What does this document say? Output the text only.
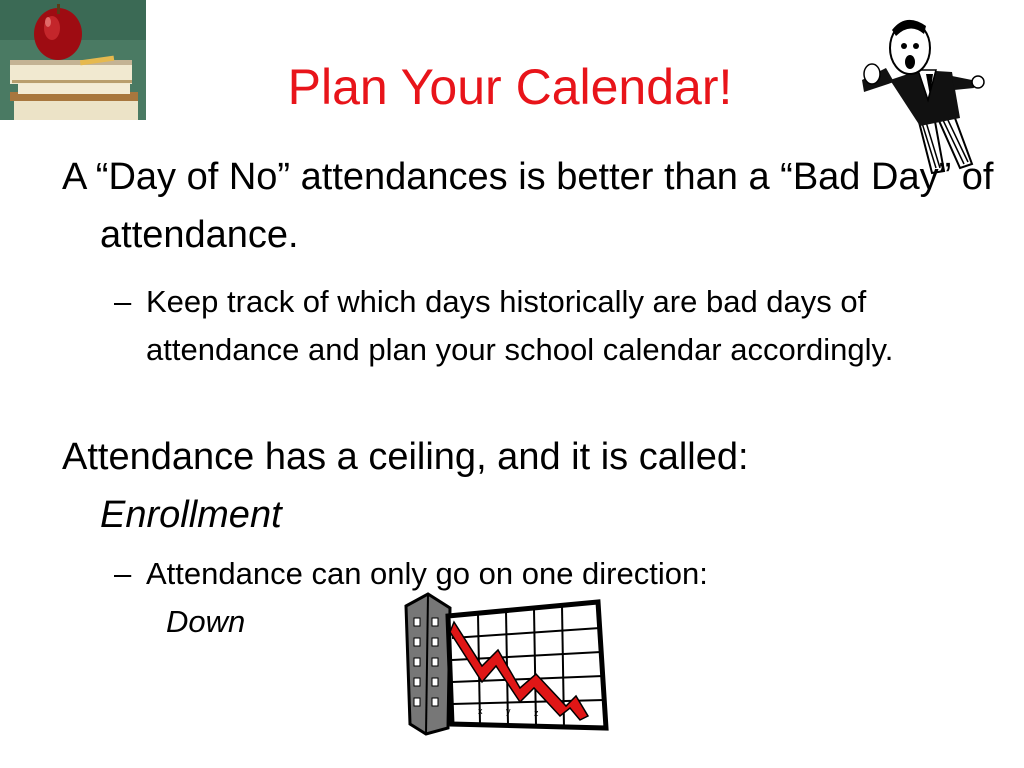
Plan Your Calendar!
A “Day of No” attendances is better than a “Bad Day” of attendance.
– Keep track of which days historically are bad days of attendance and plan your school calendar accordingly.
Attendance has a ceiling, and it is called:
Enrollment
– Attendance can only go on one direction:
Down
x	y	z
